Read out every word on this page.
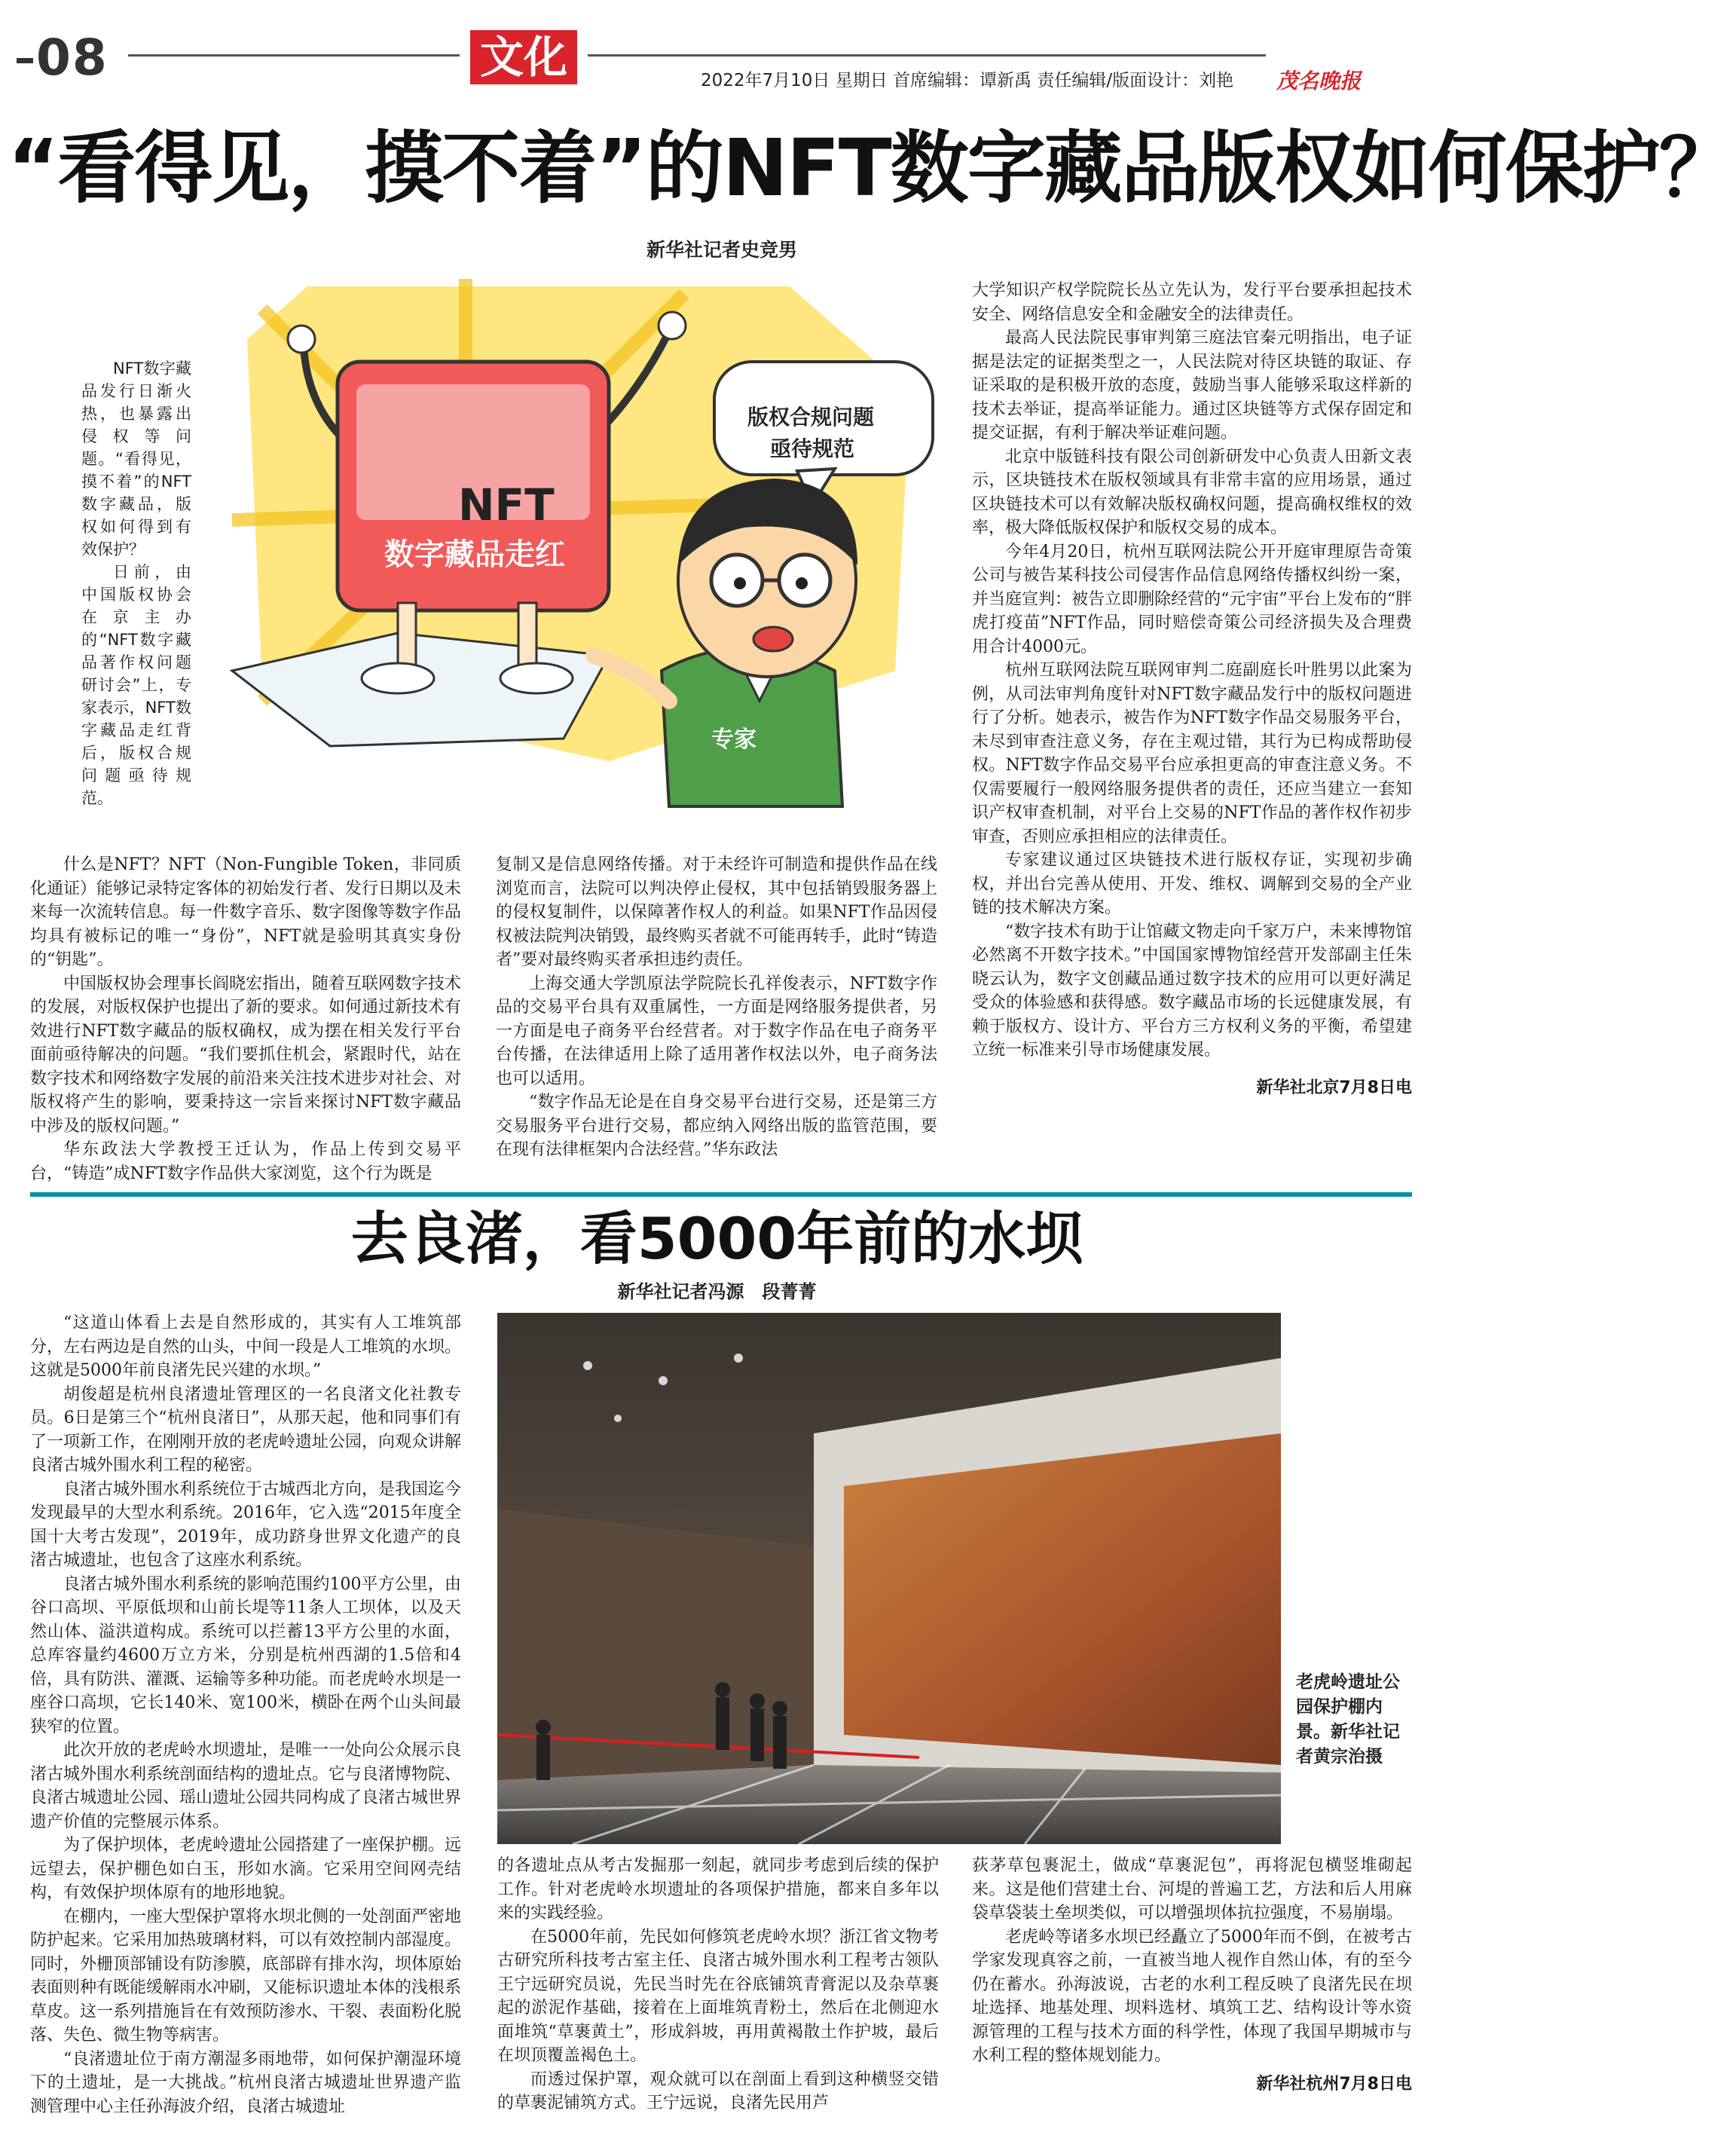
08	文化	2022年7月10日 星期日 首席编辑：谭新禹 责任编辑/版面设计：刘艳 茂名晚报
“看得见，摸不着”的NFT数字藏品版权如何保护？
新华社记者史竞男

NFT数字藏品发行日渐火热，也暴露出侵权等问题。“看得见，摸不着”的NFT数字藏品，版权如何得到有效保护？

日前，由中国版权协会在京主办的“NFT数字藏品著作权问题研讨会”上，专家表示，NFT数字藏品走红背后，版权合规问题亟待规范。

NFT
数字藏品走红
版权合规问题
亟待规范
专家

什么是NFT？NFT（Non-Fungible Token，非同质化通证）能够记录特定客体的初始发行者、发行日期以及未来每一次流转信息。每一件数字音乐、数字图像等数字作品均具有被标记的唯一“身份”，NFT就是验明其真实身份的“钥匙”。

中国版权协会理事长阎晓宏指出，随着互联网数字技术的发展，对版权保护也提出了新的要求。如何通过新技术有效进行NFT数字藏品的版权确权，成为摆在相关发行平台面前亟待解决的问题。“我们要抓住机会，紧跟时代，站在数字技术和网络数字发展的前沿来关注技术进步对社会、对版权将产生的影响，要秉持这一宗旨来探讨NFT数字藏品中涉及的版权问题。”

华东政法大学教授王迁认为，作品上传到交易平台，“铸造”成NFT数字作品供大家浏览，这个行为既是

复制又是信息网络传播。对于未经许可制造和提供作品在线浏览而言，法院可以判决停止侵权，其中包括销毁服务器上的侵权复制件，以保障著作权人的利益。如果NFT作品因侵权被法院判决销毁，最终购买者就不可能再转手，此时“铸造者”要对最终购买者承担违约责任。

上海交通大学凯原法学院院长孔祥俊表示，NFT数字作品的交易平台具有双重属性，一方面是网络服务提供者，另一方面是电子商务平台经营者。对于数字作品在电子商务平台传播，在法律适用上除了适用著作权法以外，电子商务法也可以适用。

“数字作品无论是在自身交易平台进行交易，还是第三方交易服务平台进行交易，都应纳入网络出版的监管范围，要在现有法律框架内合法经营。”华东政法

大学知识产权学院院长丛立先认为，发行平台要承担起技术安全、网络信息安全和金融安全的法律责任。

最高人民法院民事审判第三庭法官秦元明指出，电子证据是法定的证据类型之一，人民法院对待区块链的取证、存证采取的是积极开放的态度，鼓励当事人能够采取这样新的技术去举证，提高举证能力。通过区块链等方式保存固定和提交证据，有利于解决举证难问题。

北京中版链科技有限公司创新研发中心负责人田新文表示，区块链技术在版权领域具有非常丰富的应用场景，通过区块链技术可以有效解决版权确权问题，提高确权维权的效率，极大降低版权保护和版权交易的成本。

今年4月20日，杭州互联网法院公开开庭审理原告奇策公司与被告某科技公司侵害作品信息网络传播权纠纷一案，并当庭宣判：被告立即删除经营的“元宇宙”平台上发布的“胖虎打疫苗”NFT作品，同时赔偿奇策公司经济损失及合理费用合计4000元。

杭州互联网法院互联网审判二庭副庭长叶胜男以此案为例，从司法审判角度针对NFT数字藏品发行中的版权问题进行了分析。她表示，被告作为NFT数字作品交易服务平台，未尽到审查注意义务，存在主观过错，其行为已构成帮助侵权。NFT数字作品交易平台应承担更高的审查注意义务。不仅需要履行一般网络服务提供者的责任，还应当建立一套知识产权审查机制，对平台上交易的NFT作品的著作权作初步审查，否则应承担相应的法律责任。

专家建议通过区块链技术进行版权存证，实现初步确权，并出台完善从使用、开发、维权、调解到交易的全产业链的技术解决方案。

“数字技术有助于让馆藏文物走向千家万户，未来博物馆必然离不开数字技术。”中国国家博物馆经营开发部副主任朱晓云认为，数字文创藏品通过数字技术的应用可以更好满足受众的体验感和获得感。数字藏品市场的长远健康发展，有赖于版权方、设计方、平台方三方权利义务的平衡，希望建立统一标准来引导市场健康发展。

新华社北京7月8日电

去良渚，看5000年前的水坝
新华社记者冯源　段菁菁
老虎岭遗址公园保护棚内景。新华社记者黄宗治摄

“这道山体看上去是自然形成的，其实有人工堆筑部分，左右两边是自然的山头，中间一段是人工堆筑的水坝。这就是5000年前良渚先民兴建的水坝。”

胡俊超是杭州良渚遗址管理区的一名良渚文化社教专员。6日是第三个“杭州良渚日”，从那天起，他和同事们有了一项新工作，在刚刚开放的老虎岭遗址公园，向观众讲解良渚古城外围水利工程的秘密。

良渚古城外围水利系统位于古城西北方向，是我国迄今发现最早的大型水利系统。2016年，它入选“2015年度全国十大考古发现”，2019年，成功跻身世界文化遗产的良渚古城遗址，也包含了这座水利系统。

良渚古城外围水利系统的影响范围约100平方公里，由谷口高坝、平原低坝和山前长堤等11条人工坝体，以及天然山体、溢洪道构成。系统可以拦蓄13平方公里的水面，总库容量约4600万立方米，分别是杭州西湖的1.5倍和4倍，具有防洪、灌溉、运输等多种功能。而老虎岭水坝是一座谷口高坝，它长140米、宽100米，横卧在两个山头间最狭窄的位置。

此次开放的老虎岭水坝遗址，是唯一一处向公众展示良渚古城外围水利系统剖面结构的遗址点。它与良渚博物院、良渚古城遗址公园、瑶山遗址公园共同构成了良渚古城世界遗产价值的完整展示体系。

为了保护坝体，老虎岭遗址公园搭建了一座保护棚。远远望去，保护棚色如白玉，形如水滴。它采用空间网壳结构，有效保护坝体原有的地形地貌。

在棚内，一座大型保护罩将水坝北侧的一处剖面严密地防护起来。它采用加热玻璃材料，可以有效控制内部湿度。同时，外栅顶部铺设有防渗膜，底部辟有排水沟，坝体原始表面则种有既能缓解雨水冲刷，又能标识遗址本体的浅根系草皮。这一系列措施旨在有效预防渗水、干裂、表面粉化脱落、失色、微生物等病害。

“良渚遗址位于南方潮湿多雨地带，如何保护潮湿环境下的土遗址，是一大挑战。”杭州良渚古城遗址世界遗产监测管理中心主任孙海波介绍，良渚古城遗址

的各遗址点从考古发掘那一刻起，就同步考虑到后续的保护工作。针对老虎岭水坝遗址的各项保护措施，都来自多年以来的实践经验。

在5000年前，先民如何修筑老虎岭水坝？浙江省文物考古研究所科技考古室主任、良渚古城外围水利工程考古领队王宁远研究员说，先民当时先在谷底铺筑青膏泥以及杂草裹起的淤泥作基础，接着在上面堆筑青粉土，然后在北侧迎水面堆筑“草裹黄土”，形成斜坡，再用黄褐散土作护坡，最后在坝顶覆盖褐色土。

而透过保护罩，观众就可以在剖面上看到这种横竖交错的草裹泥铺筑方式。王宁远说，良渚先民用芦

荻茅草包裹泥土，做成“草裹泥包”，再将泥包横竖堆砌起来。这是他们营建土台、河堤的普遍工艺，方法和后人用麻袋草袋装土垒坝类似，可以增强坝体抗拉强度，不易崩塌。

老虎岭等诸多水坝已经矗立了5000年而不倒，在被考古学家发现真容之前，一直被当地人视作自然山体，有的至今仍在蓄水。孙海波说，古老的水利工程反映了良渚先民在坝址选择、地基处理、坝料选材、填筑工艺、结构设计等水资源管理的工程与技术方面的科学性，体现了我国早期城市与水利工程的整体规划能力。

新华社杭州7月8日电
